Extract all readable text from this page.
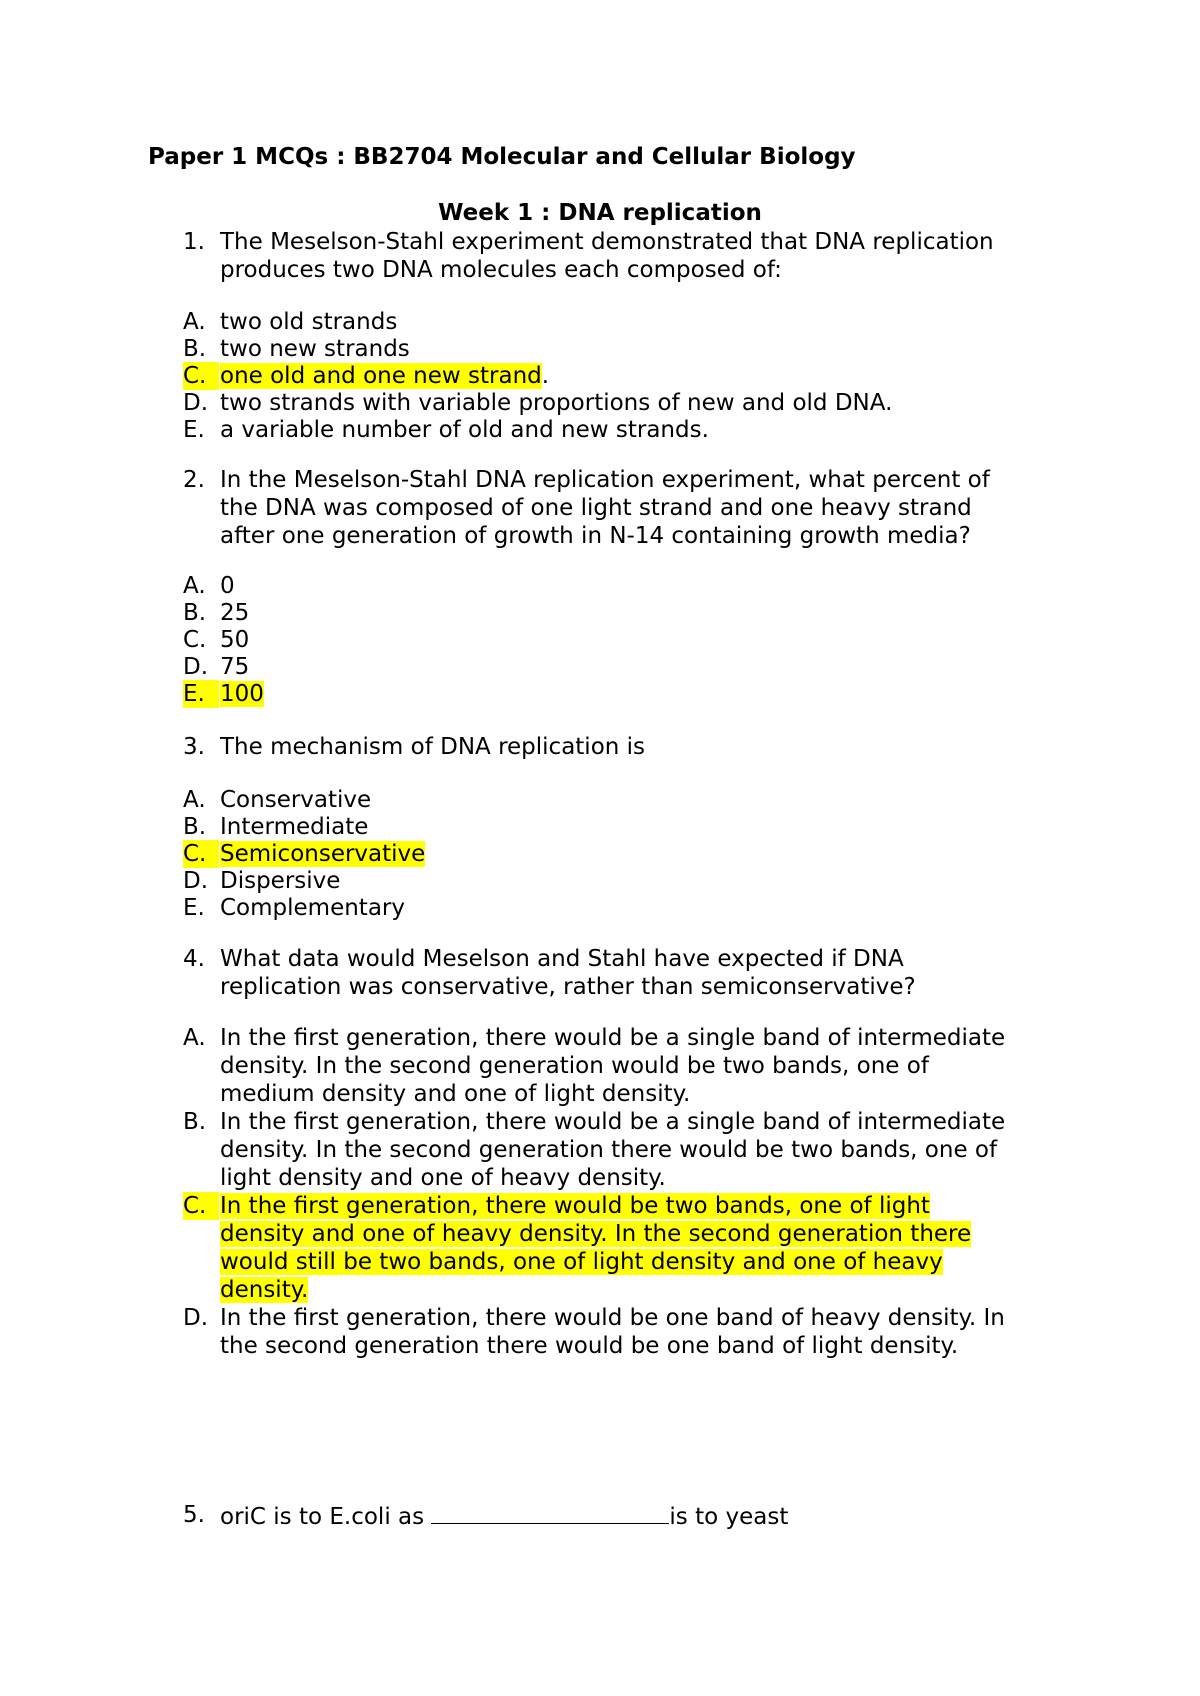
Paper 1 MCQs : BB2704 Molecular and Cellular Biology
Week 1 : DNA replication
1. The Meselson-Stahl experiment demonstrated that DNA replication
produces two DNA molecules each composed of:
A. two old strands
B. two new strands
C. one old and one new strand.
D. two strands with variable proportions of new and old DNA.
E. a variable number of old and new strands.
2. In the Meselson-Stahl DNA replication experiment, what percent of
the DNA was composed of one light strand and one heavy strand
after one generation of growth in N-14 containing growth media?
A. 0
B. 25
C. 50
D. 75
E. 100
3. The mechanism of DNA replication is
A. Conservative
B. Intermediate
C. Semiconservative
D. Dispersive
E. Complementary
4. What data would Meselson and Stahl have expected if DNA
replication was conservative, rather than semiconservative?
A. In the first generation, there would be a single band of intermediate
density. In the second generation would be two bands, one of
medium density and one of light density.
B. In the first generation, there would be a single band of intermediate
density. In the second generation there would be two bands, one of
light density and one of heavy density.
C. In the first generation, there would be two bands, one of light
density and one of heavy density. In the second generation there
would still be two bands, one of light density and one of heavy
density.
D. In the first generation, there would be one band of heavy density. In
the second generation there would be one band of light density.
5. oriC is to E.coli as	is to yeast
